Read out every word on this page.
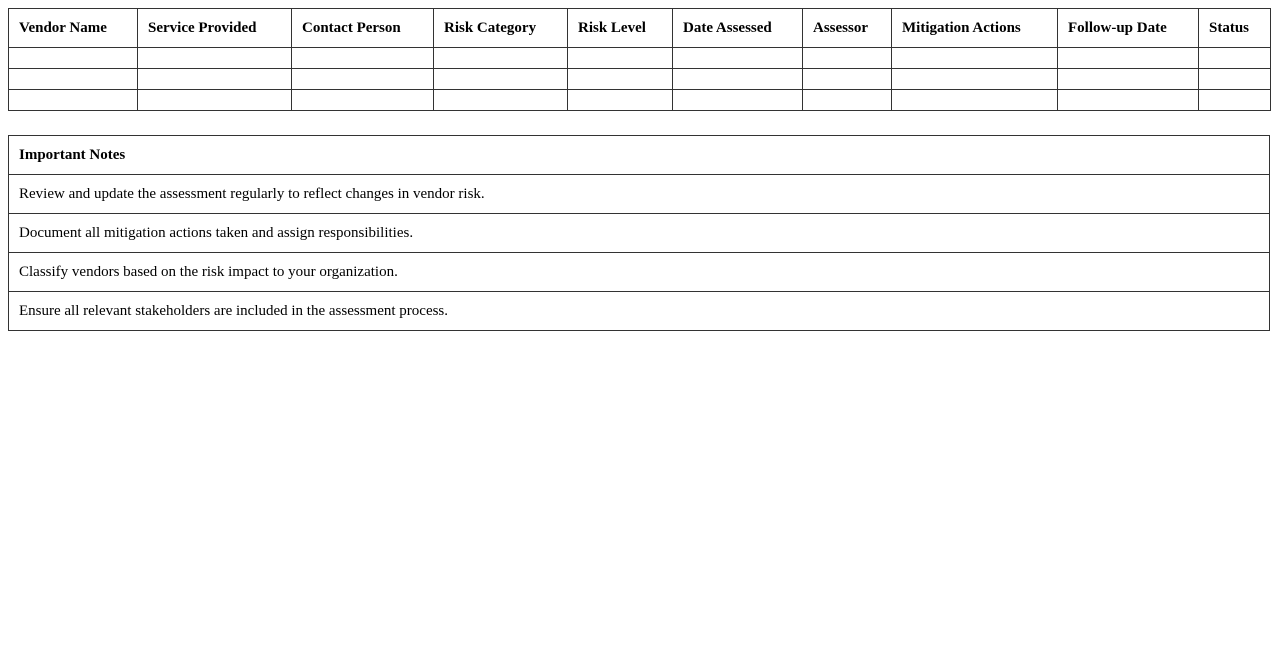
Vendor Name	Service Provided	Contact Person	Risk Category	Risk Level	Date Assessed	Assessor	Mitigation Actions	Follow-up Date	Status

Important Notes
Review and update the assessment regularly to reflect changes in vendor risk.
Document all mitigation actions taken and assign responsibilities.
Classify vendors based on the risk impact to your organization.
Ensure all relevant stakeholders are included in the assessment process.
